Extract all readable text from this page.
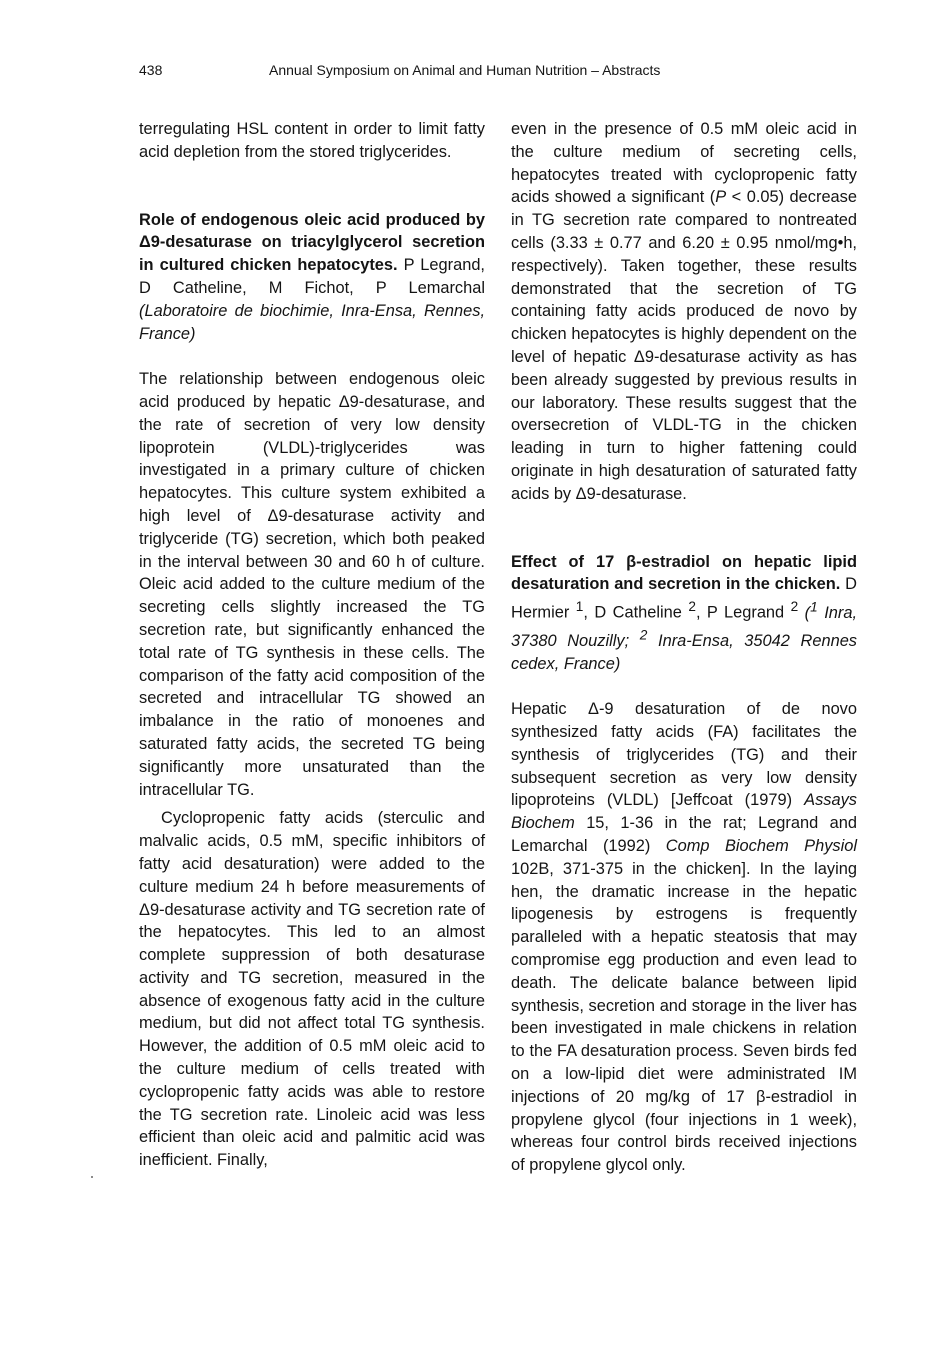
438	Annual Symposium on Animal and Human Nutrition – Abstracts

terregulating HSL content in order to limit fatty acid depletion from the stored triglycerides.

Role of endogenous oleic acid produced by Δ9-desaturase on triacylglycerol secretion in cultured chicken hepatocytes. P Legrand, D Catheline, M Fichot, P Lemarchal (Laboratoire de biochimie, Inra-Ensa, Rennes, France)

The relationship between endogenous oleic acid produced by hepatic Δ9-desaturase, and the rate of secretion of very low density lipoprotein (VLDL)-triglycerides was investigated in a primary culture of chicken hepatocytes. This culture system exhibited a high level of Δ9-desaturase activity and triglyceride (TG) secretion, which both peaked in the interval between 30 and 60 h of culture. Oleic acid added to the culture medium of the secreting cells slightly increased the TG secretion rate, but significantly enhanced the total rate of TG synthesis in these cells. The comparison of the fatty acid composition of the secreted and intracellular TG showed an imbalance in the ratio of monoenes and saturated fatty acids, the secreted TG being significantly more unsaturated than the intracellular TG.

Cyclopropenic fatty acids (sterculic and malvalic acids, 0.5 mM, specific inhibitors of fatty acid desaturation) were added to the culture medium 24 h before measurements of Δ9-desaturase activity and TG secretion rate of the hepatocytes. This led to an almost complete suppression of both desaturase activity and TG secretion, measured in the absence of exogenous fatty acid in the culture medium, but did not affect total TG synthesis. However, the addition of 0.5 mM oleic acid to the culture medium of cells treated with cyclopropenic fatty acids was able to restore the TG secretion rate. Linoleic acid was less efficient than oleic acid and palmitic acid was inefficient. Finally,

even in the presence of 0.5 mM oleic acid in the culture medium of secreting cells, hepatocytes treated with cyclopropenic fatty acids showed a significant (P < 0.05) decrease in TG secretion rate compared to nontreated cells (3.33 ± 0.77 and 6.20 ± 0.95 nmol/mg•h, respectively). Taken together, these results demonstrated that the secretion of TG containing fatty acids produced de novo by chicken hepatocytes is highly dependent on the level of hepatic Δ9-desaturase activity as has been already suggested by previous results in our laboratory. These results suggest that the oversecretion of VLDL-TG in the chicken leading in turn to higher fattening could originate in high desaturation of saturated fatty acids by Δ9-desaturase.

Effect of 17 β-estradiol on hepatic lipid desaturation and secretion in the chicken. D Hermier $^1$, D Catheline $^2$, P Legrand $^2$ ($^1$ Inra, 37380 Nouzilly; $^2$ Inra-Ensa, 35042 Rennes cedex, France)

Hepatic Δ-9 desaturation of de novo synthesized fatty acids (FA) facilitates the synthesis of triglycerides (TG) and their subsequent secretion as very low density lipoproteins (VLDL) [Jeffcoat (1979) Assays Biochem 15, 1-36 in the rat; Legrand and Lemarchal (1992) Comp Biochem Physiol 102B, 371-375 in the chicken]. In the laying hen, the dramatic increase in the hepatic lipogenesis by estrogens is frequently paralleled with a hepatic steatosis that may compromise egg production and even lead to death. The delicate balance between lipid synthesis, secretion and storage in the liver has been investigated in male chickens in relation to the FA desaturation process. Seven birds fed on a low-lipid diet were administrated IM injections of 20 mg/kg of 17 β-estradiol in propylene glycol (four injections in 1 week), whereas four control birds received injections of propylene glycol only.
